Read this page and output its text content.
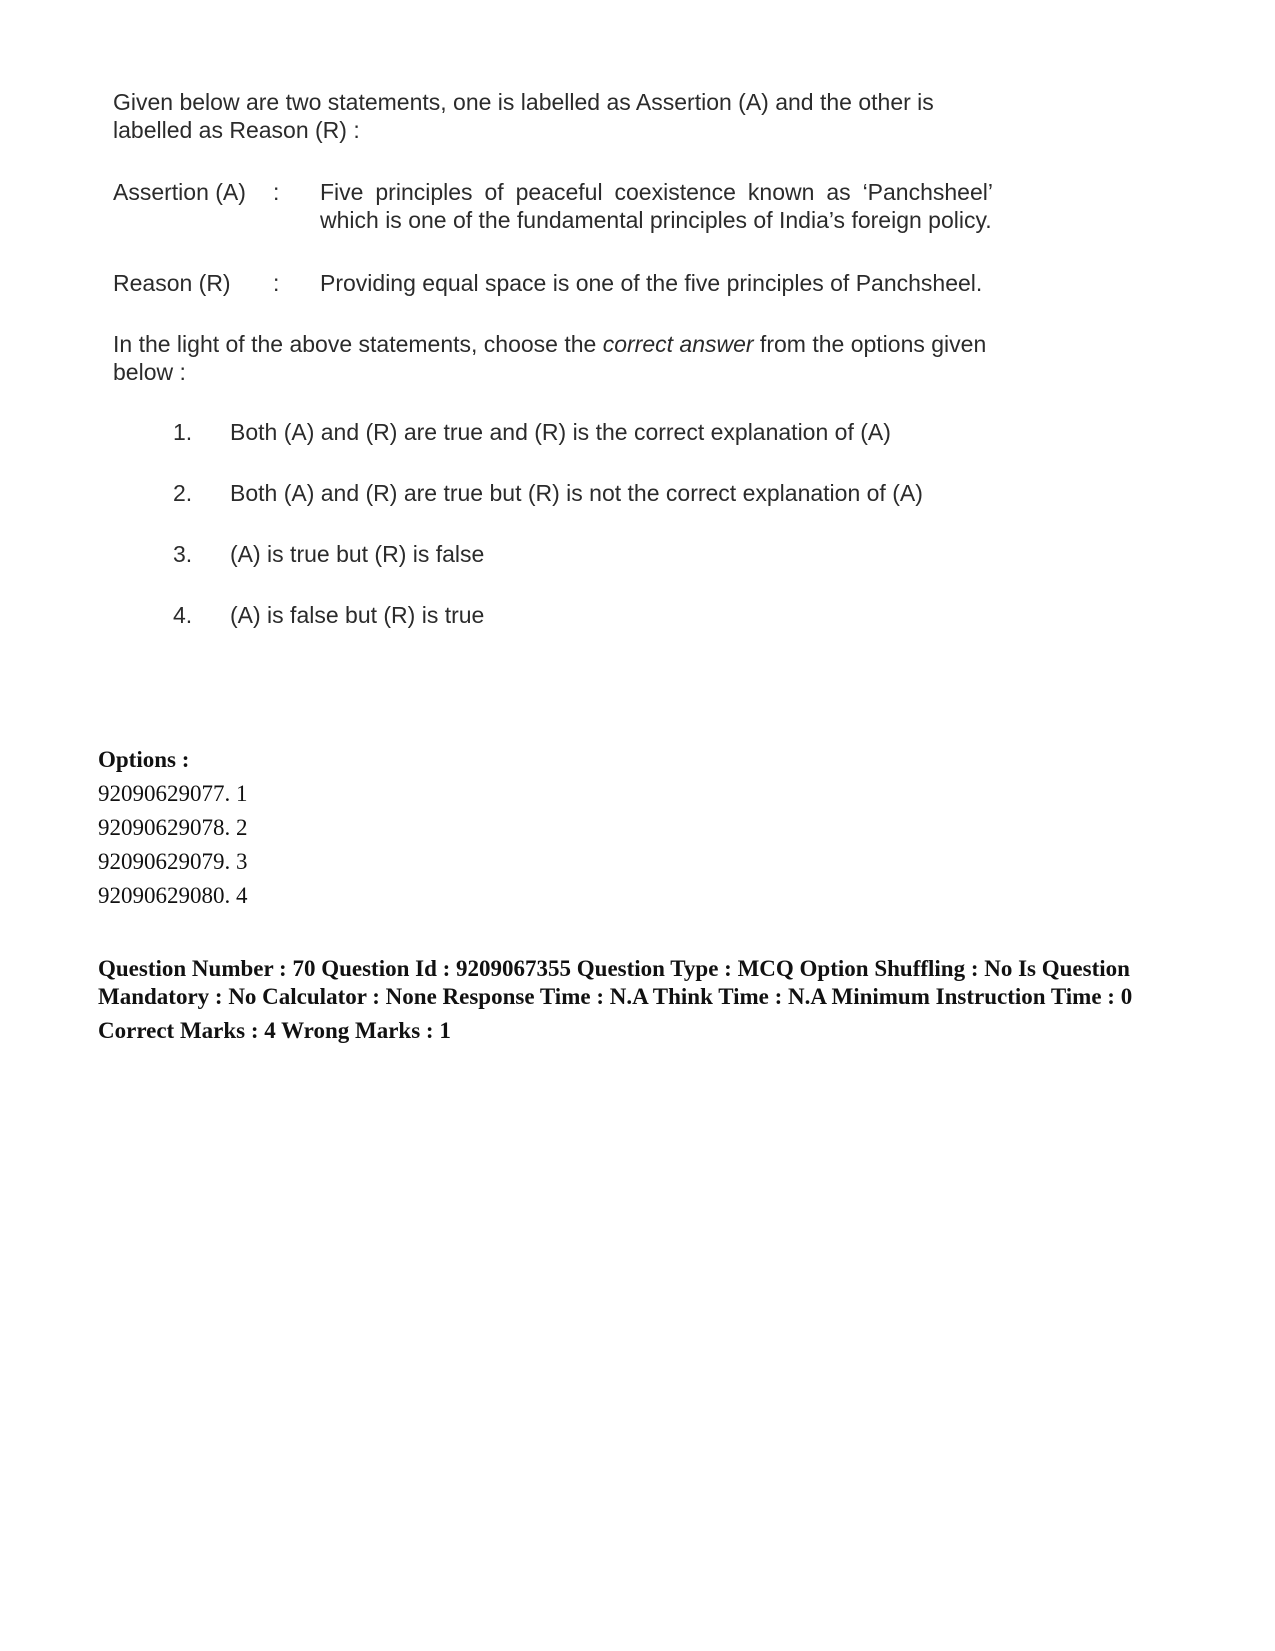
Given below are two statements, one is labelled as Assertion (A) and the other is labelled as Reason (R) :

Assertion (A) : Five principles of peaceful coexistence known as ‘Panchsheel’ which is one of the fundamental principles of India’s foreign policy.
Reason (R) : Providing equal space is one of the five principles of Panchsheel.

In the light of the above statements, choose the correct answer from the options given below :

1. Both (A) and (R) are true and (R) is the correct explanation of (A)
2. Both (A) and (R) are true but (R) is not the correct explanation of (A)
3. (A) is true but (R) is false
4. (A) is false but (R) is true
Options :
92090629077. 1
92090629078. 2
92090629079. 3
92090629080. 4
Question Number : 70 Question Id : 9209067355 Question Type : MCQ Option Shuffling : No Is Question Mandatory : No Calculator : None Response Time : N.A Think Time : N.A Minimum Instruction Time : 0
Correct Marks : 4 Wrong Marks : 1
